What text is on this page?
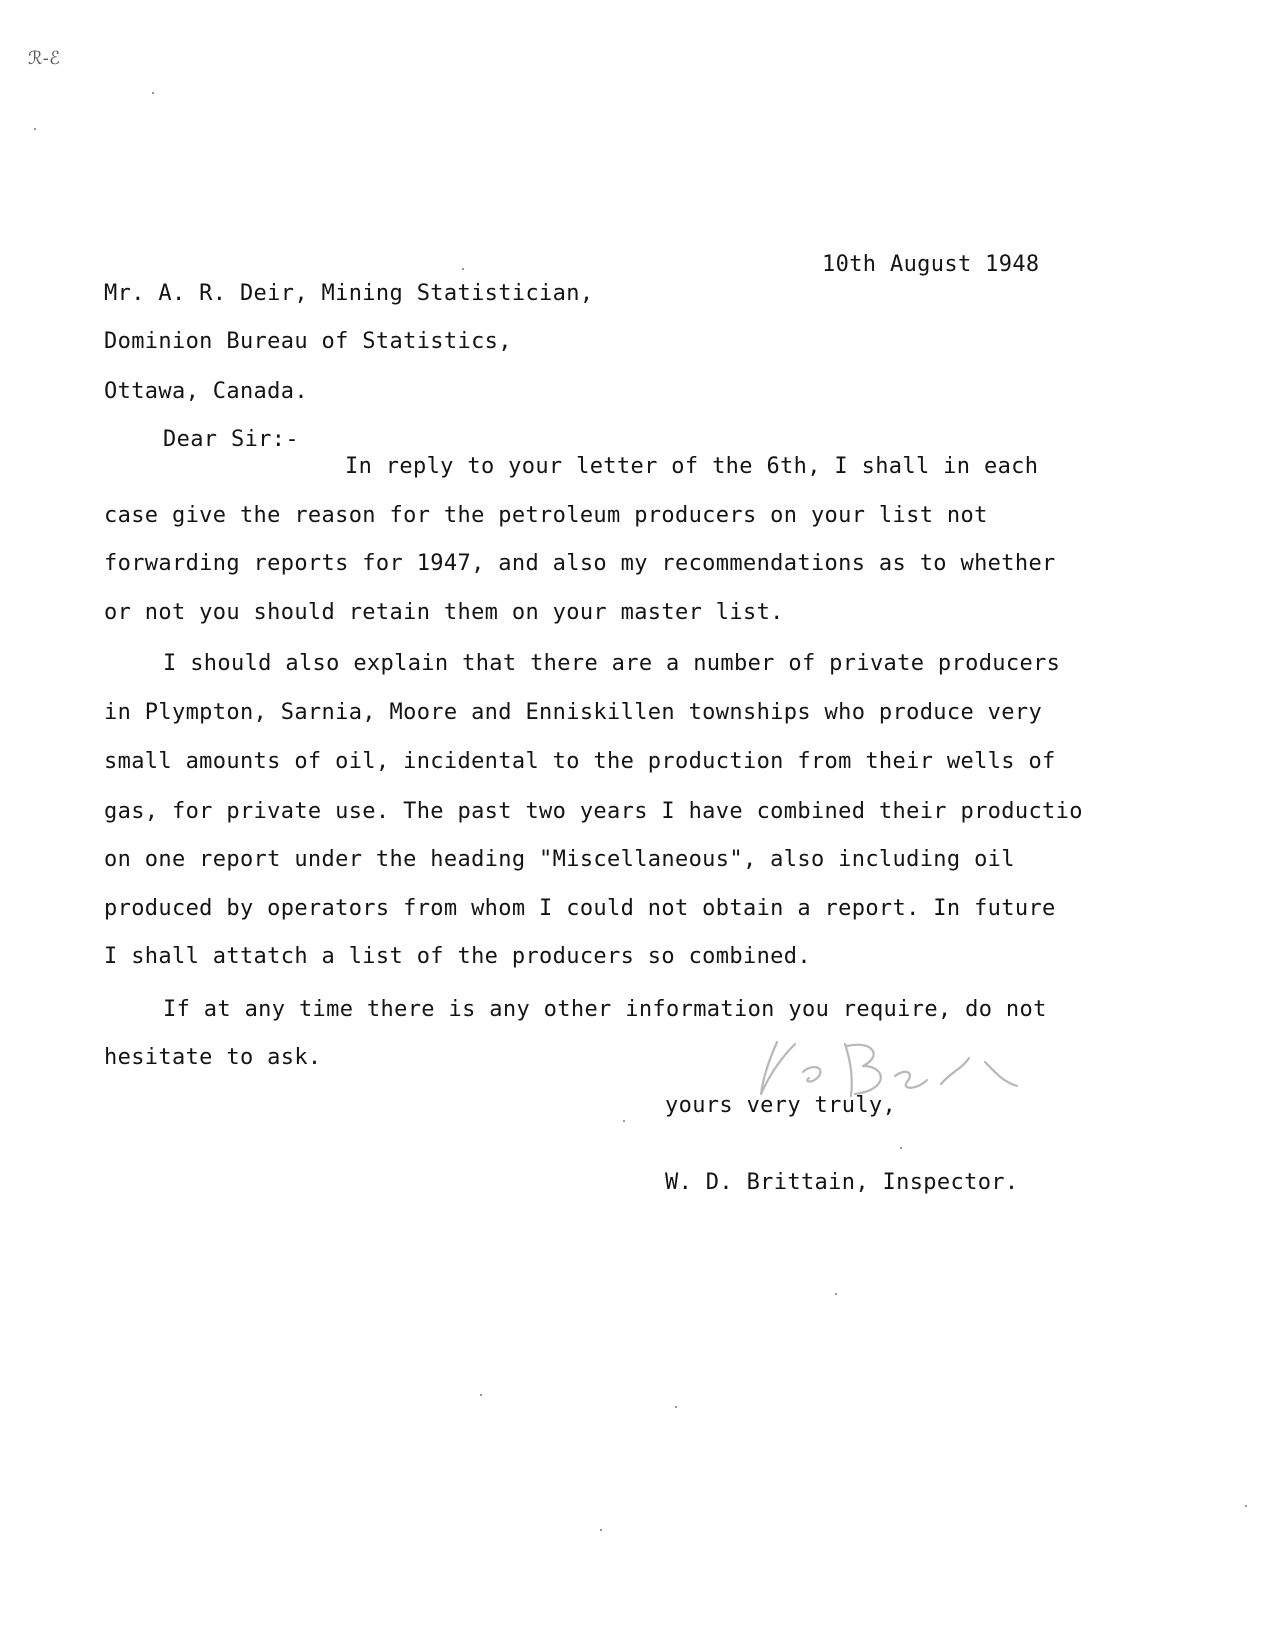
ℛ-ℰ
10th August 1948
Mr. A. R. Deir, Mining Statistician,
Dominion Bureau of Statistics,
Ottawa, Canada.
Dear Sir:-
In reply to your letter of the 6th, I shall in each
case give the reason for the petroleum producers on your list not
forwarding reports for 1947, and also my recommendations as to whether
or not you should retain them on your master list.
I should also explain that there are a number of private producers
in Plympton, Sarnia, Moore and Enniskillen townships who produce very
small amounts of oil, incidental to the production from their wells of
gas, for private use. The past two years I have combined their productio
on one report under the heading "Miscellaneous", also including oil
produced by operators from whom I could not obtain a report. In future
I shall attatch a list of the producers so combined.
If at any time there is any other information you require, do not
hesitate to ask.
yours very truly,
W. D. Brittain, Inspector.
